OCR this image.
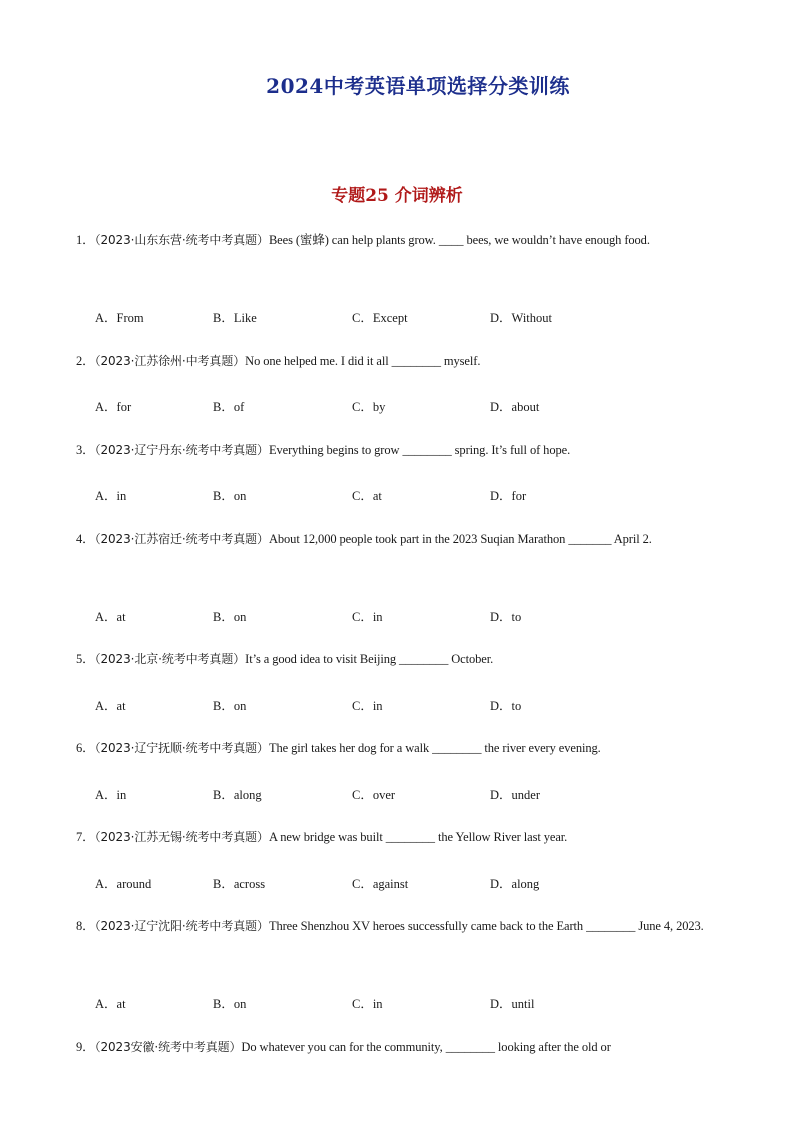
2024中考英语单项选择分类训练
专题25 介词辨析
1．（2023·山东东营·统考中考真题）Bees (蜜蜂) can help plants grow. ____ bees, we wouldn’t have enough food.
A．From	B．Like	C．Except	D．Without
2．（2023·江苏徐州·中考真题）No one helped me. I did it all ________ myself.
A．for	B．of	C．by	D．about
3．（2023·辽宁丹东·统考中考真题）Everything begins to grow ________ spring. It’s full of hope.
A．in	B．on	C．at	D．for
4．（2023·江苏宿迁·统考中考真题）About 12,000 people took part in the 2023 Suqian Marathon _______ April 2.
A．at	B．on	C．in	D．to
5．（2023·北京·统考中考真题）It’s a good idea to visit Beijing ________ October.
A．at	B．on	C．in	D．to
6．（2023·辽宁抚顺·统考中考真题）The girl takes her dog for a walk ________ the river every evening.
A．in	B．along	C．over	D．under
7．（2023·江苏无锡·统考中考真题）A new bridge was built ________ the Yellow River last year.
A．around	B．across	C．against	D．along
8．（2023·辽宁沈阳·统考中考真题）Three Shenzhou XV heroes successfully came back to the Earth ________ June 4, 2023.
A．at	B．on	C．in	D．until
9．（2023安徽·统考中考真题）Do whatever you can for the community, ________ looking after the old or
